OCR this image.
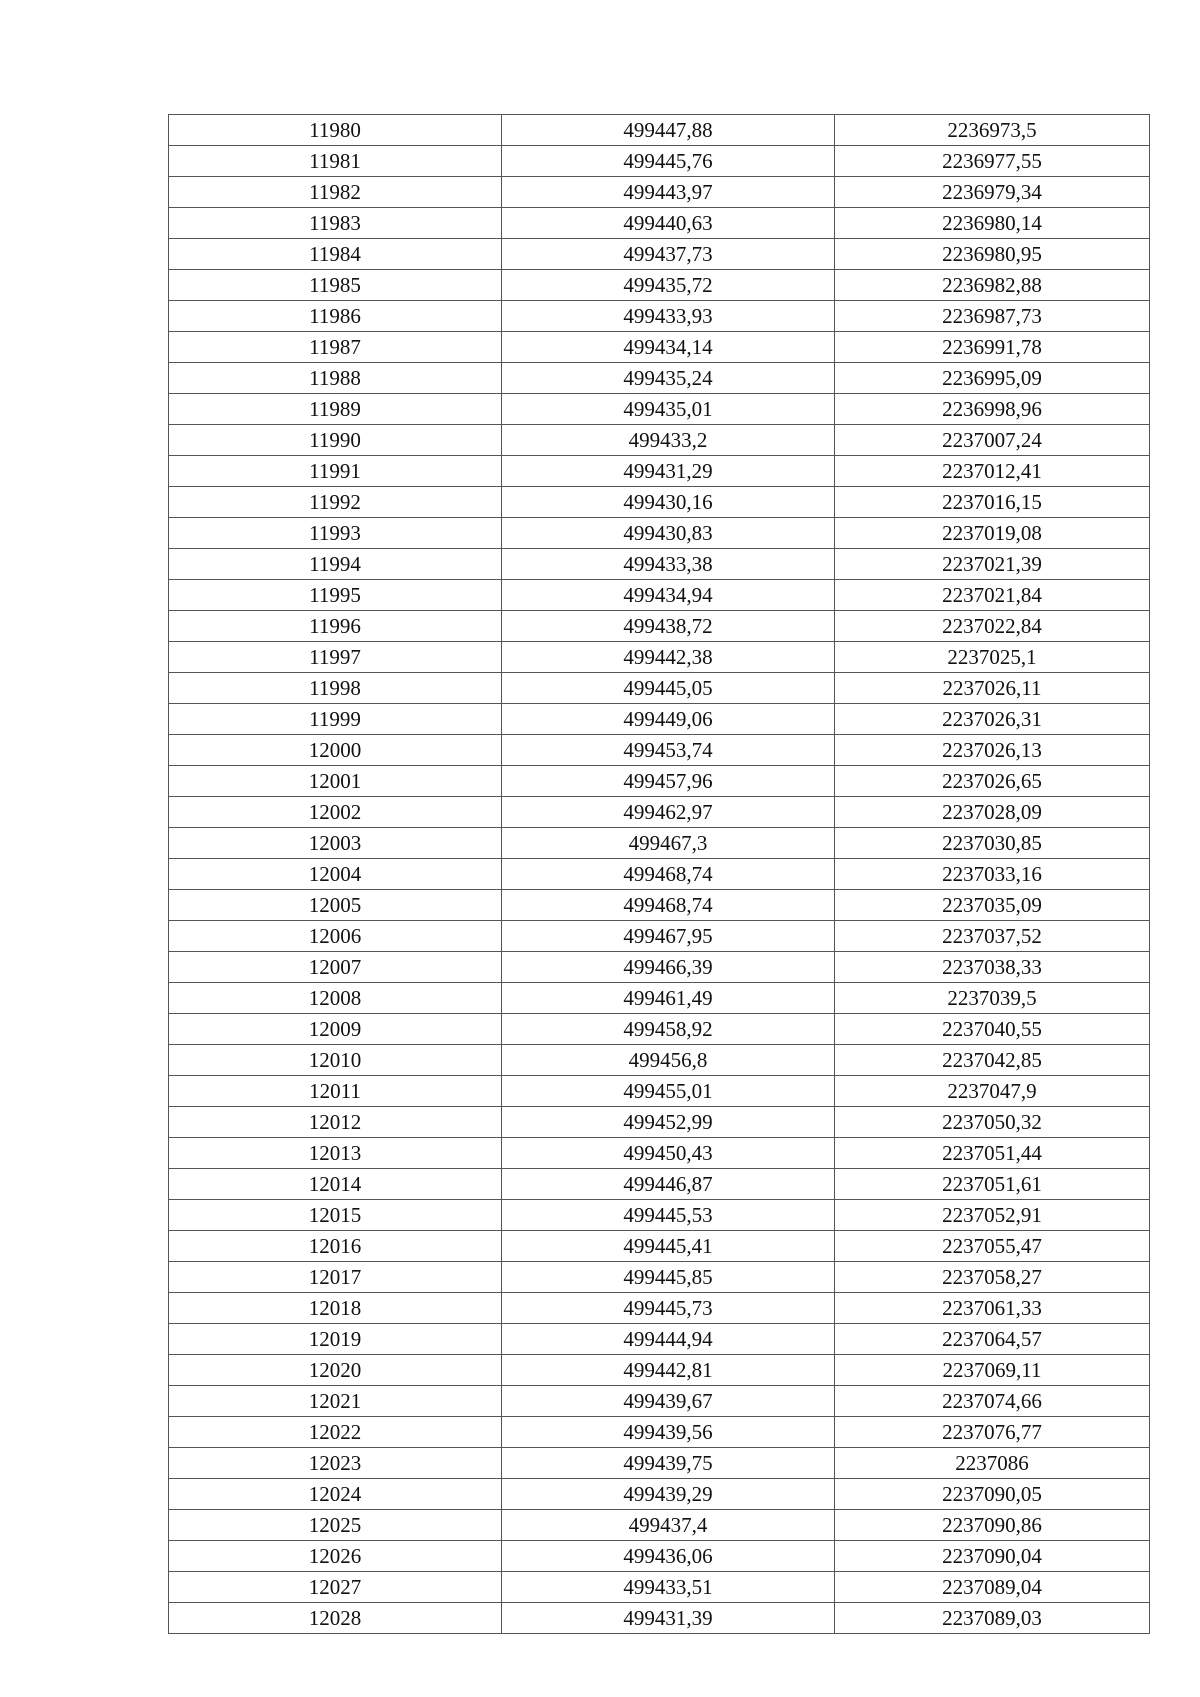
11980	499447,88	2236973,5
11981	499445,76	2236977,55
11982	499443,97	2236979,34
11983	499440,63	2236980,14
11984	499437,73	2236980,95
11985	499435,72	2236982,88
11986	499433,93	2236987,73
11987	499434,14	2236991,78
11988	499435,24	2236995,09
11989	499435,01	2236998,96
11990	499433,2	2237007,24
11991	499431,29	2237012,41
11992	499430,16	2237016,15
11993	499430,83	2237019,08
11994	499433,38	2237021,39
11995	499434,94	2237021,84
11996	499438,72	2237022,84
11997	499442,38	2237025,1
11998	499445,05	2237026,11
11999	499449,06	2237026,31
12000	499453,74	2237026,13
12001	499457,96	2237026,65
12002	499462,97	2237028,09
12003	499467,3	2237030,85
12004	499468,74	2237033,16
12005	499468,74	2237035,09
12006	499467,95	2237037,52
12007	499466,39	2237038,33
12008	499461,49	2237039,5
12009	499458,92	2237040,55
12010	499456,8	2237042,85
12011	499455,01	2237047,9
12012	499452,99	2237050,32
12013	499450,43	2237051,44
12014	499446,87	2237051,61
12015	499445,53	2237052,91
12016	499445,41	2237055,47
12017	499445,85	2237058,27
12018	499445,73	2237061,33
12019	499444,94	2237064,57
12020	499442,81	2237069,11
12021	499439,67	2237074,66
12022	499439,56	2237076,77
12023	499439,75	2237086
12024	499439,29	2237090,05
12025	499437,4	2237090,86
12026	499436,06	2237090,04
12027	499433,51	2237089,04
12028	499431,39	2237089,03
